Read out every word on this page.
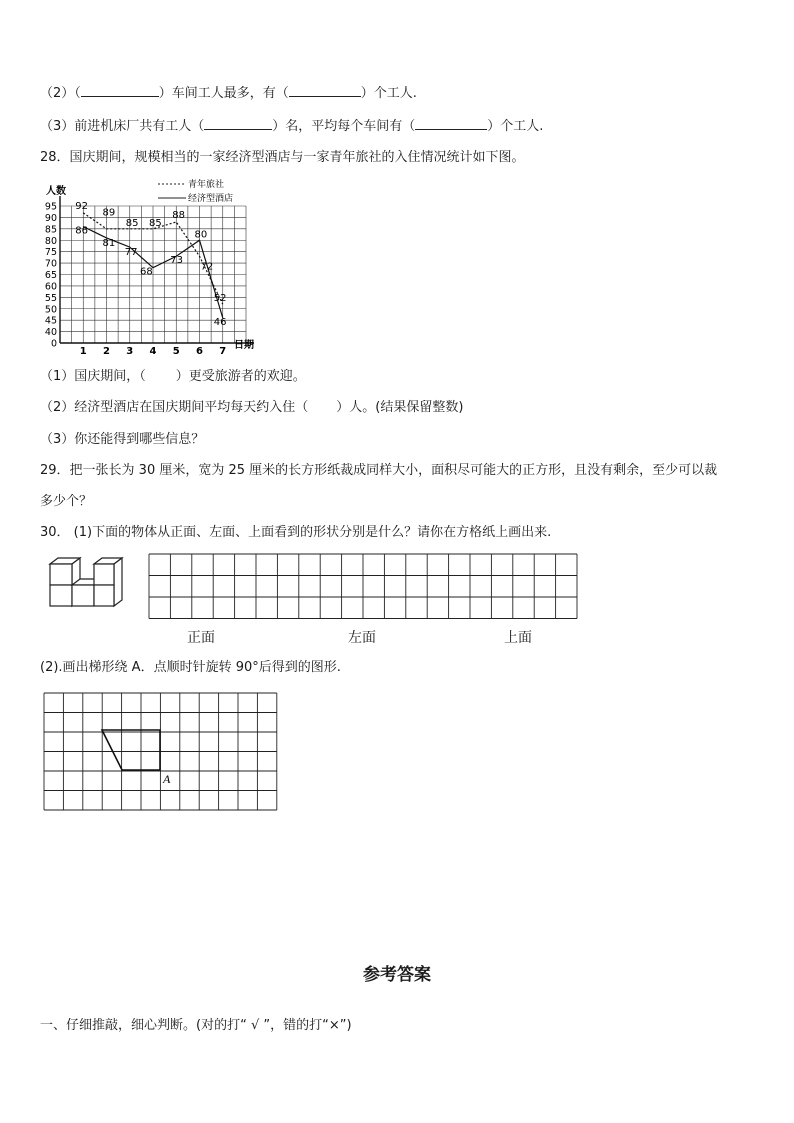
（2）（	）车间工人最多，有（	）个工人.
（3）前进机床厂共有工人（	）名，平均每个车间有（	）个工人.
28．国庆期间，规模相当的一家经济型酒店与一家青年旅社的入住情况统计如下图。
0
40
45
50
55
60
65
70
75
80
85
90
95
1 2 3 4 5 6 7
92
86
89
81
85
77
85
68
88
73
80
72
52
46
人数
日期
青年旅社
经济型酒店
（1）国庆期间，（ ）更受旅游者的欢迎。
（2）经济型酒店在国庆期间平均每天约入住（ ）人。(结果保留整数)
（3）你还能得到哪些信息？
29．把一张长为 30 厘米，宽为 25 厘米的长方形纸裁成同样大小，面积尽可能大的正方形，且没有剩余，至少可以裁
多少个？
30． (1)下面的物体从正面、左面、上面看到的形状分别是什么？请你在方格纸上画出来.
正面	左面	上面
(2).画出梯形绕 A．点顺时针旋转 90°后得到的图形.
A
参考答案
一、仔细推敲，细心判断。(对的打“ √ ”，错的打“×”)
